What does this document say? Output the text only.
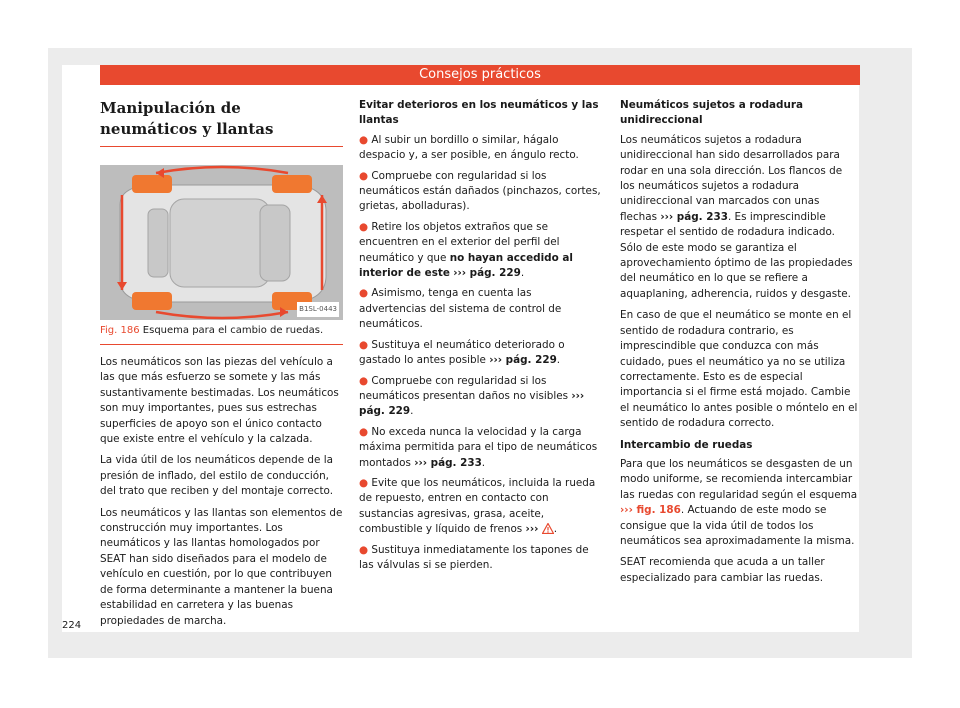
Consejos prácticos
Manipulación de neumáticos y llantas
B1SL-0443
Fig. 186 Esquema para el cambio de ruedas.

Los neumáticos son las piezas del vehículo a las que más esfuerzo se somete y las más sustantivamente bestimadas. Los neumáticos son muy importantes, pues sus estrechas superficies de apoyo son el único contacto que existe entre el vehículo y la calzada.

La vida útil de los neumáticos depende de la presión de inflado, del estilo de conducción, del trato que reciben y del montaje correcto.

Los neumáticos y las llantas son elementos de construcción muy importantes. Los neumáticos y las llantas homologados por SEAT han sido diseñados para el modelo de vehículo en cuestión, por lo que contribuyen de forma determinante a mantener la buena estabilidad en carretera y las buenas propiedades de marcha.

Evitar deterioros en los neumáticos y las llantas
● Al subir un bordillo o similar, hágalo despacio y, a ser posible, en ángulo recto.
● Compruebe con regularidad si los neumáticos están dañados (pinchazos, cortes, grietas, abolladuras).
● Retire los objetos extraños que se encuentren en el exterior del perfil del neumático y que no hayan accedido al interior de este ››› pág. 229.
● Asimismo, tenga en cuenta las advertencias del sistema de control de neumáticos.
● Sustituya el neumático deteriorado o gastado lo antes posible ››› pág. 229.
● Compruebe con regularidad si los neumáticos presentan daños no visibles ››› pág. 229.
● No exceda nunca la velocidad y la carga máxima permitida para el tipo de neumáticos montados ››› pág. 233.
● Evite que los neumáticos, incluida la rueda de repuesto, entren en contacto con sustancias agresivas, grasa, aceite, combustible y líquido de frenos ››› .
● Sustituya inmediatamente los tapones de las válvulas si se pierden.
Neumáticos sujetos a rodadura unidireccional

Los neumáticos sujetos a rodadura unidireccional han sido desarrollados para rodar en una sola dirección. Los flancos de los neumáticos sujetos a rodadura unidireccional van marcados con unas flechas ››› pág. 233. Es imprescindible respetar el sentido de rodadura indicado. Sólo de este modo se garantiza el aprovechamiento óptimo de las propiedades del neumático en lo que se refiere a aquaplaning, adherencia, ruidos y desgaste.

En caso de que el neumático se monte en el sentido de rodadura contrario, es imprescindible que conduzca con más cuidado, pues el neumático ya no se utiliza correctamente. Esto es de especial importancia si el firme está mojado. Cambie el neumático lo antes posible o móntelo en el sentido de rodadura correcto.

Intercambio de ruedas

Para que los neumáticos se desgasten de un modo uniforme, se recomienda intercambiar las ruedas con regularidad según el esquema ››› fig. 186. Actuando de este modo se consigue que la vida útil de todos los neumáticos sea aproximadamente la misma.

SEAT recomienda que acuda a un taller especializado para cambiar las ruedas.

224
